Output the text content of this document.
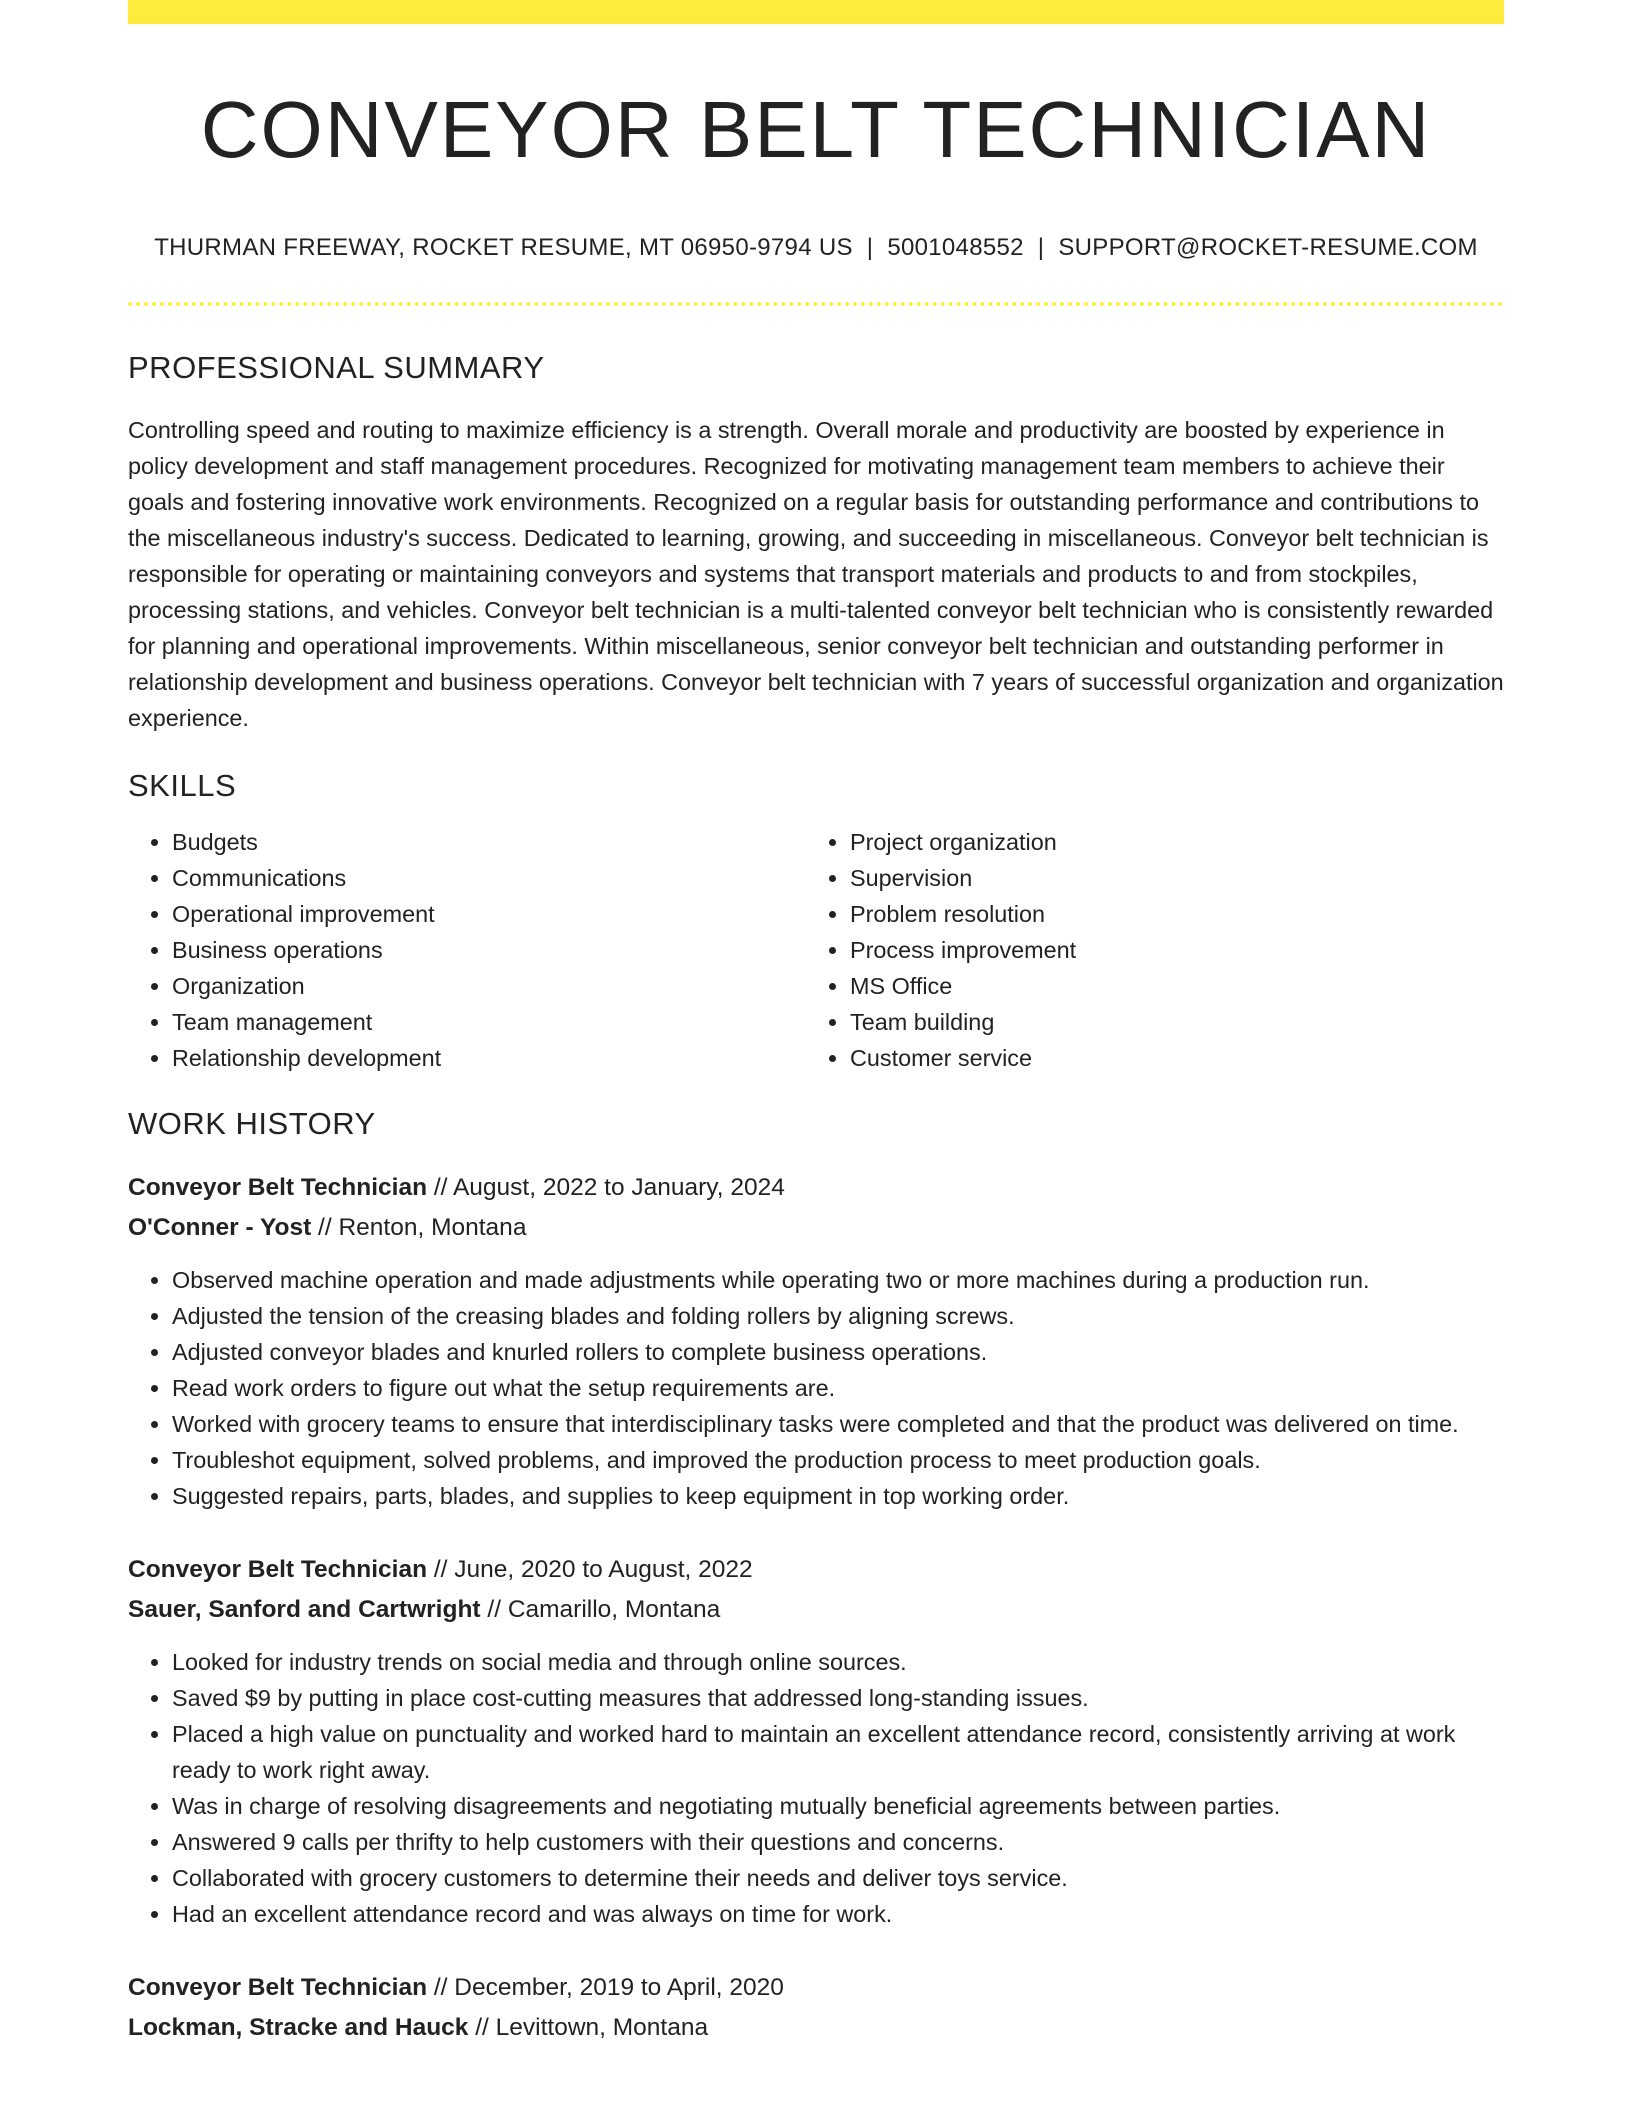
CONVEYOR BELT TECHNICIAN
THURMAN FREEWAY, ROCKET RESUME, MT 06950-9794 US | 5001048552 | SUPPORT@ROCKET-RESUME.COM
PROFESSIONAL SUMMARY

Controlling speed and routing to maximize efficiency is a strength. Overall morale and productivity are boosted by experience in policy development and staff management procedures. Recognized for motivating management team members to achieve their goals and fostering innovative work environments. Recognized on a regular basis for outstanding performance and contributions to the miscellaneous industry's success. Dedicated to learning, growing, and succeeding in miscellaneous. Conveyor belt technician is responsible for operating or maintaining conveyors and systems that transport materials and products to and from stockpiles, processing stations, and vehicles. Conveyor belt technician is a multi-talented conveyor belt technician who is consistently rewarded for planning and operational improvements. Within miscellaneous, senior conveyor belt technician and outstanding performer in relationship development and business operations. Conveyor belt technician with 7 years of successful organization and organization experience.

SKILLS
• Budgets
• Communications
• Operational improvement
• Business operations
• Organization
• Team management
• Relationship development
• Project organization
• Supervision
• Problem resolution
• Process improvement
• MS Office
• Team building
• Customer service
WORK HISTORY
Conveyor Belt Technician // August, 2022 to January, 2024
O'Conner - Yost // Renton, Montana
• Observed machine operation and made adjustments while operating two or more machines during a production run.
• Adjusted the tension of the creasing blades and folding rollers by aligning screws.
• Adjusted conveyor blades and knurled rollers to complete business operations.
• Read work orders to figure out what the setup requirements are.
• Worked with grocery teams to ensure that interdisciplinary tasks were completed and that the product was delivered on time.
• Troubleshot equipment, solved problems, and improved the production process to meet production goals.
• Suggested repairs, parts, blades, and supplies to keep equipment in top working order.
Conveyor Belt Technician // June, 2020 to August, 2022
Sauer, Sanford and Cartwright // Camarillo, Montana
• Looked for industry trends on social media and through online sources.
• Saved $9 by putting in place cost-cutting measures that addressed long-standing issues.
• Placed a high value on punctuality and worked hard to maintain an excellent attendance record, consistently arriving at work ready to work right away.
• Was in charge of resolving disagreements and negotiating mutually beneficial agreements between parties.
• Answered 9 calls per thrifty to help customers with their questions and concerns.
• Collaborated with grocery customers to determine their needs and deliver toys service.
• Had an excellent attendance record and was always on time for work.
Conveyor Belt Technician // December, 2019 to April, 2020
Lockman, Stracke and Hauck // Levittown, Montana
